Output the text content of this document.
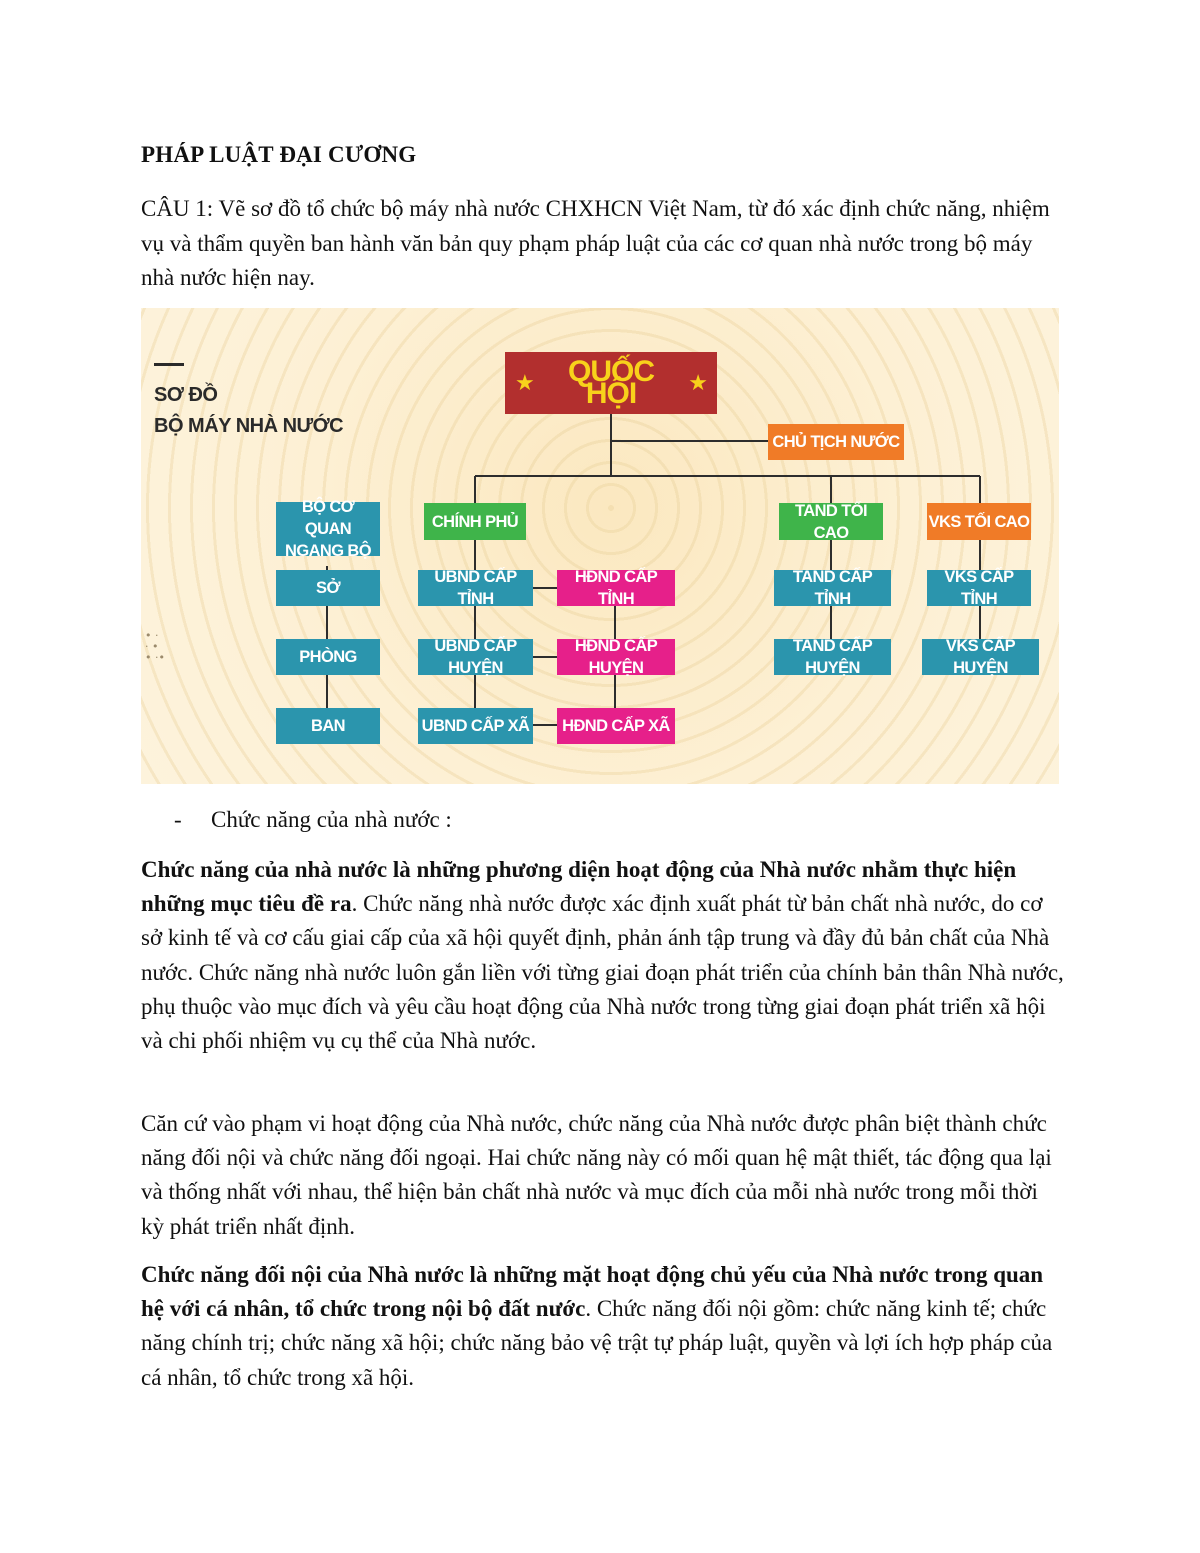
PHÁP LUẬT ĐẠI CƯƠNG
CÂU 1: Vẽ sơ đồ tổ chức bộ máy nhà nước CHXHCN Việt Nam, từ đó xác định chức năng, nhiệm vụ và thẩm quyền ban hành văn bản quy phạm pháp luật của các cơ quan nhà nước trong bộ máy nhà nước hiện nay.
SƠ ĐỒ
BỘ MÁY NHÀ NƯỚC
• ·
· •
• ·•
★	QUỐC HỘI	★
CHỦ TỊCH NƯỚC
BỘ CƠ QUAN NGANG BỘ
SỞ
PHÒNG
BAN
CHÍNH PHỦ
UBND CẤP TỈNH
UBND CẤP HUYỆN
UBND CẤP XÃ
HĐND CẤP TỈNH
HĐND CẤP HUYỆN
HĐND CẤP XÃ
TAND TỐI CAO
TAND CẤP TỈNH
TAND CẤP HUYỆN
VKS TỐI CAO
VKS CẤP TỈNH
VKS CẤP HUYỆN
- Chức năng của nhà nước :

Chức năng của nhà nước là những phương diện hoạt động của Nhà nước nhằm thực hiện những mục tiêu đề ra. Chức năng nhà nước được xác định xuất phát từ bản chất nhà nước, do cơ sở kinh tế và cơ cấu giai cấp của xã hội quyết định, phản ánh tập trung và đầy đủ bản chất của Nhà nước. Chức năng nhà nước luôn gắn liền với từng giai đoạn phát triển của chính bản thân Nhà nước, phụ thuộc vào mục đích và yêu cầu hoạt động của Nhà nước trong từng giai đoạn phát triển xã hội và chi phối nhiệm vụ cụ thể của Nhà nước.

Căn cứ vào phạm vi hoạt động của Nhà nước, chức năng của Nhà nước được phân biệt thành chức năng đối nội và chức năng đối ngoại. Hai chức năng này có mối quan hệ mật thiết, tác động qua lại và thống nhất với nhau, thể hiện bản chất nhà nước và mục đích của mỗi nhà nước trong mỗi thời kỳ phát triển nhất định.

Chức năng đối nội của Nhà nước là những mặt hoạt động chủ yếu của Nhà nước trong quan hệ với cá nhân, tổ chức trong nội bộ đất nước. Chức năng đối nội gồm: chức năng kinh tế; chức năng chính trị; chức năng xã hội; chức năng bảo vệ trật tự pháp luật, quyền và lợi ích hợp pháp của cá nhân, tổ chức trong xã hội.
